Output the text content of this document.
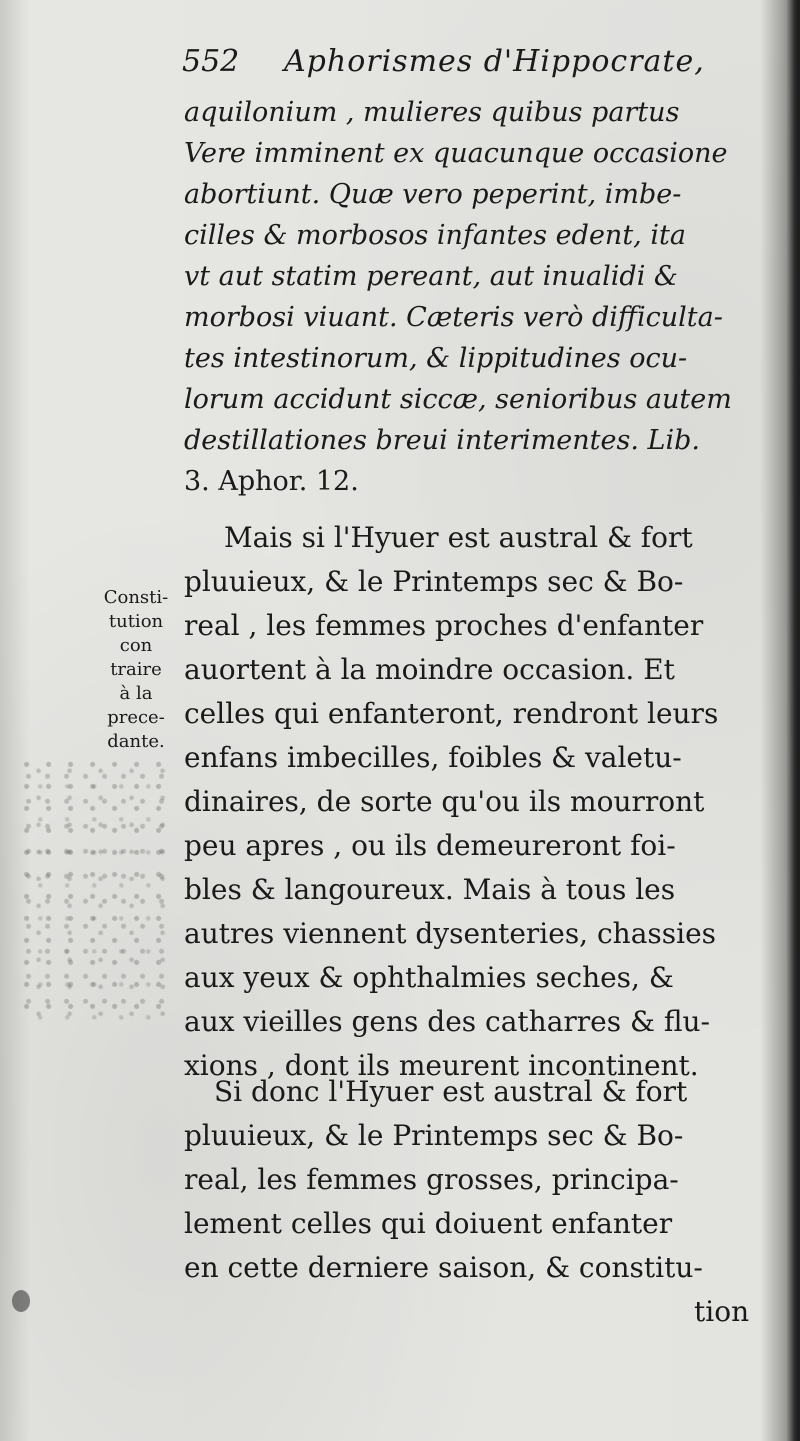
552 Aphorismes d'Hippocrate,
aquilonium , mulieres quibus partus
Vere imminent ex quacunque occasione
abortiunt. Quæ vero peperint, imbe-
cilles & morbosos infantes edent, ita
vt aut statim pereant, aut inualidi &
morbosi viuant. Cæteris verò difficulta-
tes intestinorum, & lippitudines ocu-
lorum accidunt siccæ, senioribus autem
destillationes breui interimentes. Lib.
3. Aphor. 12.
Consti-
tution
con
traire
à la
prece-
dante.
Mais si l'Hyuer est austral & fort
pluuieux, & le Printemps sec & Bo-
real , les femmes proches d'enfanter
auortent à la moindre occasion. Et
celles qui enfanteront, rendront leurs
enfans imbecilles, foibles & valetu-
dinaires, de sorte qu'ou ils mourront
peu apres , ou ils demeureront foi-
bles & langoureux. Mais à tous les
autres viennent dysenteries, chassies
aux yeux & ophthalmies seches, &
aux vieilles gens des catharres & flu-
xions , dont ils meurent incontinent.
Si donc l'Hyuer est austral & fort
pluuieux, & le Printemps sec & Bo-
real, les femmes grosses, principa-
lement celles qui doiuent enfanter
en cette derniere saison, & constitu-
tion
